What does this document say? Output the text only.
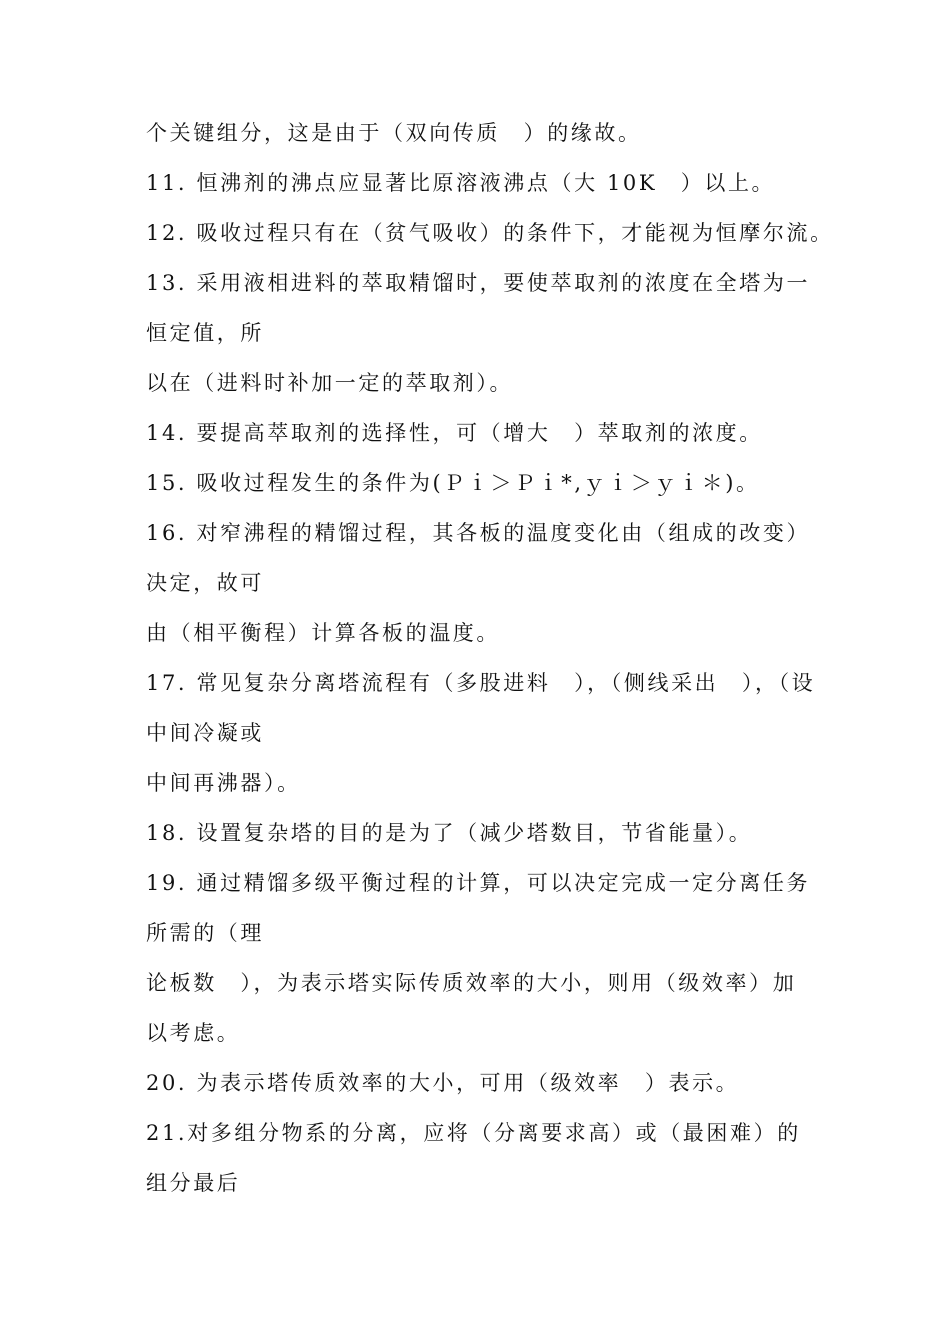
个关键组分，这是由于（双向传质　）的缘故。
11. 恒沸剂的沸点应显著比原溶液沸点（大 10K　）以上。
12. 吸收过程只有在（贫气吸收）的条件下，才能视为恒摩尔流。
13. 采用液相进料的萃取精馏时，要使萃取剂的浓度在全塔为一
恒定值，所
以在（进料时补加一定的萃取剂）。
14. 要提高萃取剂的选择性，可（增大　）萃取剂的浓度。
15. 吸收过程发生的条件为(Ｐｉ＞Ｐｉ*,ｙｉ＞ｙｉ＊)。
16. 对窄沸程的精馏过程，其各板的温度变化由（组成的改变）
决定，故可
由（相平衡程）计算各板的温度。
17. 常见复杂分离塔流程有（多股进料　），（侧线采出　），（设
中间冷凝或
中间再沸器）。
18. 设置复杂塔的目的是为了（减少塔数目，节省能量）。
19. 通过精馏多级平衡过程的计算，可以决定完成一定分离任务
所需的（理
论板数　），为表示塔实际传质效率的大小，则用（级效率）加
以考虑。
20. 为表示塔传质效率的大小，可用（级效率　）表示。
21.对多组分物系的分离，应将（分离要求高）或（最困难）的
组分最后
